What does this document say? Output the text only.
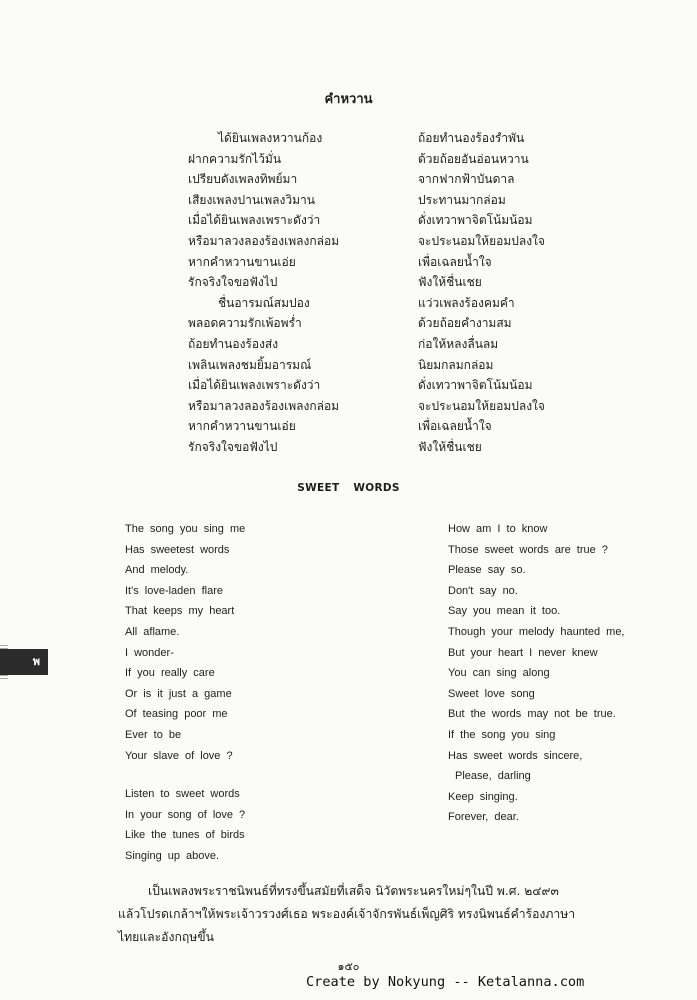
คำหวาน
ได้ยินเพลงหวานก้อง
ฝากความรักไว้มั่น
เปรียบดังเพลงทิพย์มา
เสียงเพลงปานเพลงวิมาน
เมื่อได้ยินเพลงเพราะดังว่า
หรือมาลวงลองร้องเพลงกล่อม
หากคำหวานขานเอ่ย
รักจริงใจขอฟังไป
ชื่นอารมณ์สมปอง
พลอดความรักเพ้อพร่ำ
ถ้อยทำนองร้องส่ง
เพลินเพลงชมยิ้มอารมณ์
เมื่อได้ยินเพลงเพราะดังว่า
หรือมาลวงลองร้องเพลงกล่อม
หากคำหวานขานเอ่ย
รักจริงใจขอฟังไป
ถ้อยทำนองร้องรำพัน
ด้วยถ้อยอันอ่อนหวาน
จากฟากฟ้าบันดาล
ประทานมากล่อม
ดั่งเทวาพาจิตโน้มน้อม
จะประนอมให้ยอมปลงใจ
เพื่อเฉลยน้ำใจ
ฟังให้ชื่นเชย
แว่วเพลงร้องคมคำ
ด้วยถ้อยคำงามสม
ก่อให้หลงลื่นลม
นิยมกลมกล่อม
ดั่งเทวาพาจิตโน้มน้อม
จะประนอมให้ยอมปลงใจ
เพื่อเฉลยน้ำใจ
ฟังให้ชื่นเชย
SWEET WORDS
The song you sing me
Has sweetest words
And melody.
It's love-laden flare
That keeps my heart
All aflame.
I wonder-
If you really care
Or is it just a game
Of teasing poor me
Ever to be
Your slave of love ?
Listen to sweet words
In your song of love ?
Like the tunes of birds
Singing up above.
How am I to know
Those sweet words are true ?
Please say so.
Don't say no.
Say you mean it too.
Though your melody haunted me,
But your heart I never knew
You can sing along
Sweet love song
But the words may not be true.
If the song you sing
Has sweet words sincere,
Please, darling
Keep singing.
Forever, dear.
พ
เป็นเพลงพระราชนิพนธ์ที่ทรงขึ้นสมัยที่เสด็จ นิวัตพระนครใหม่ๆในปี พ.ศ. ๒๔๙๓
แล้วโปรดเกล้าฯให้พระเจ้าวรวงศ์เธอ พระองค์เจ้าจักรพันธ์เพ็ญศิริ ทรงนิพนธ์คำร้องภาษา
ไทยและอังกฤษขึ้น
๑๕๐
Create by Nokyung -- Ketalanna.com
